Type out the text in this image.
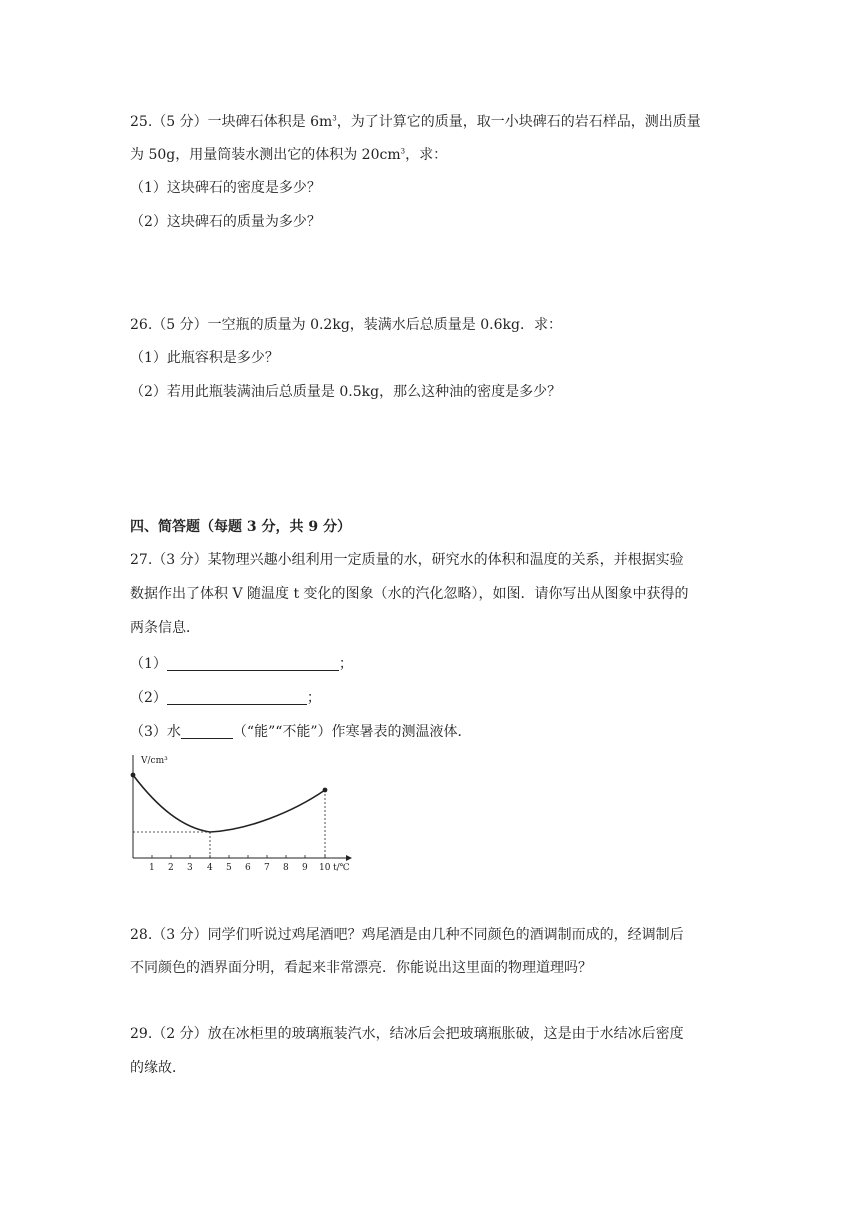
25.（5 分）一块碑石体积是 $6m^3$，为了计算它的质量，取一小块碑石的岩石样品，测出质量
为 50g，用量筒装水测出它的体积为 $20cm^3$，求：
（1）这块碑石的密度是多少？
（2）这块碑石的质量为多少？
26.（5 分）一空瓶的质量为 0.2kg，装满水后总质量是 0.6kg．求：
（1）此瓶容积是多少？
（2）若用此瓶装满油后总质量是 0.5kg，那么这种油的密度是多少？
四、简答题（每题 3 分，共 9 分）
27.（3 分）某物理兴趣小组利用一定质量的水，研究水的体积和温度的关系，并根据实验
数据作出了体积 V 随温度 t 变化的图象（水的汽化忽略），如图．请你写出从图象中获得的
两条信息．
（1）	；
（2）	；
（3）水	（“能”“不能”）作寒暑表的测温液体．
V/cm³
1 2 3 4 5 6 7 8 9 10 t/℃
28.（3 分）同学们听说过鸡尾酒吧？鸡尾酒是由几种不同颜色的酒调制而成的，经调制后
不同颜色的酒界面分明，看起来非常漂亮．你能说出这里面的物理道理吗？
29.（2 分）放在冰柜里的玻璃瓶装汽水，结冰后会把玻璃瓶胀破，这是由于水结冰后密度
的缘故．
